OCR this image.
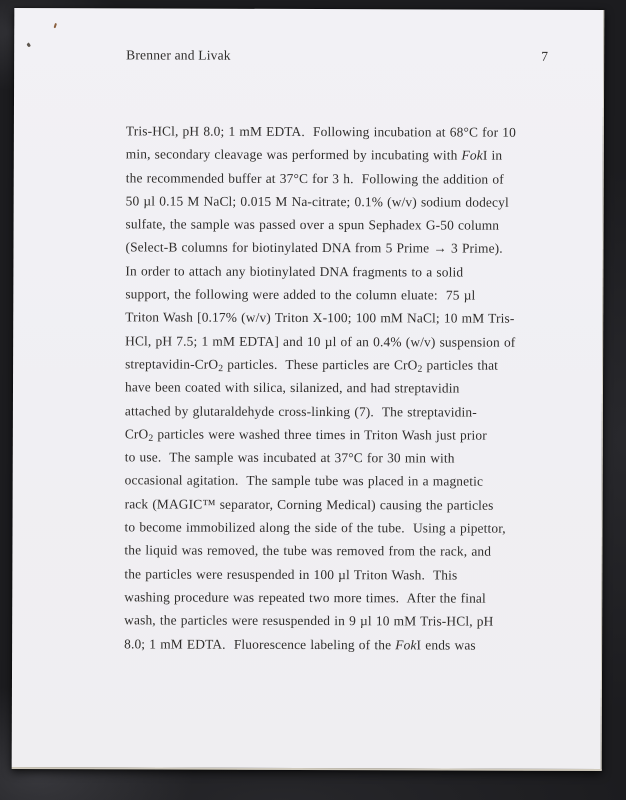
Brenner and Livak	7
Tris-HCl, pH 8.0; 1 mM EDTA.  Following incubation at 68°C for 10
min, secondary cleavage was performed by incubating with FokI in
the recommended buffer at 37°C for 3 h.  Following the addition of
50 µl 0.15 M NaCl; 0.015 M Na-citrate; 0.1% (w/v) sodium dodecyl
sulfate, the sample was passed over a spun Sephadex G-50 column
(Select-B columns for biotinylated DNA from 5 Prime → 3 Prime).
In order to attach any biotinylated DNA fragments to a solid
support, the following were added to the column eluate:  75 µl
Triton Wash [0.17% (w/v) Triton X-100; 100 mM NaCl; 10 mM Tris-
HCl, pH 7.5; 1 mM EDTA] and 10 µl of an 0.4% (w/v) suspension of
streptavidin-CrO$_2$ particles.  These particles are CrO$_2$ particles that
have been coated with silica, silanized, and had streptavidin
attached by glutaraldehyde cross-linking (7).  The streptavidin-
CrO$_2$ particles were washed three times in Triton Wash just prior
to use.  The sample was incubated at 37°C for 30 min with
occasional agitation.  The sample tube was placed in a magnetic
rack (MAGIC™ separator, Corning Medical) causing the particles
to become immobilized along the side of the tube.  Using a pipettor,
the liquid was removed, the tube was removed from the rack, and
the particles were resuspended in 100 µl Triton Wash.  This
washing procedure was repeated two more times.  After the final
wash, the particles were resuspended in 9 µl 10 mM Tris-HCl, pH
8.0; 1 mM EDTA.  Fluorescence labeling of the FokI ends was
